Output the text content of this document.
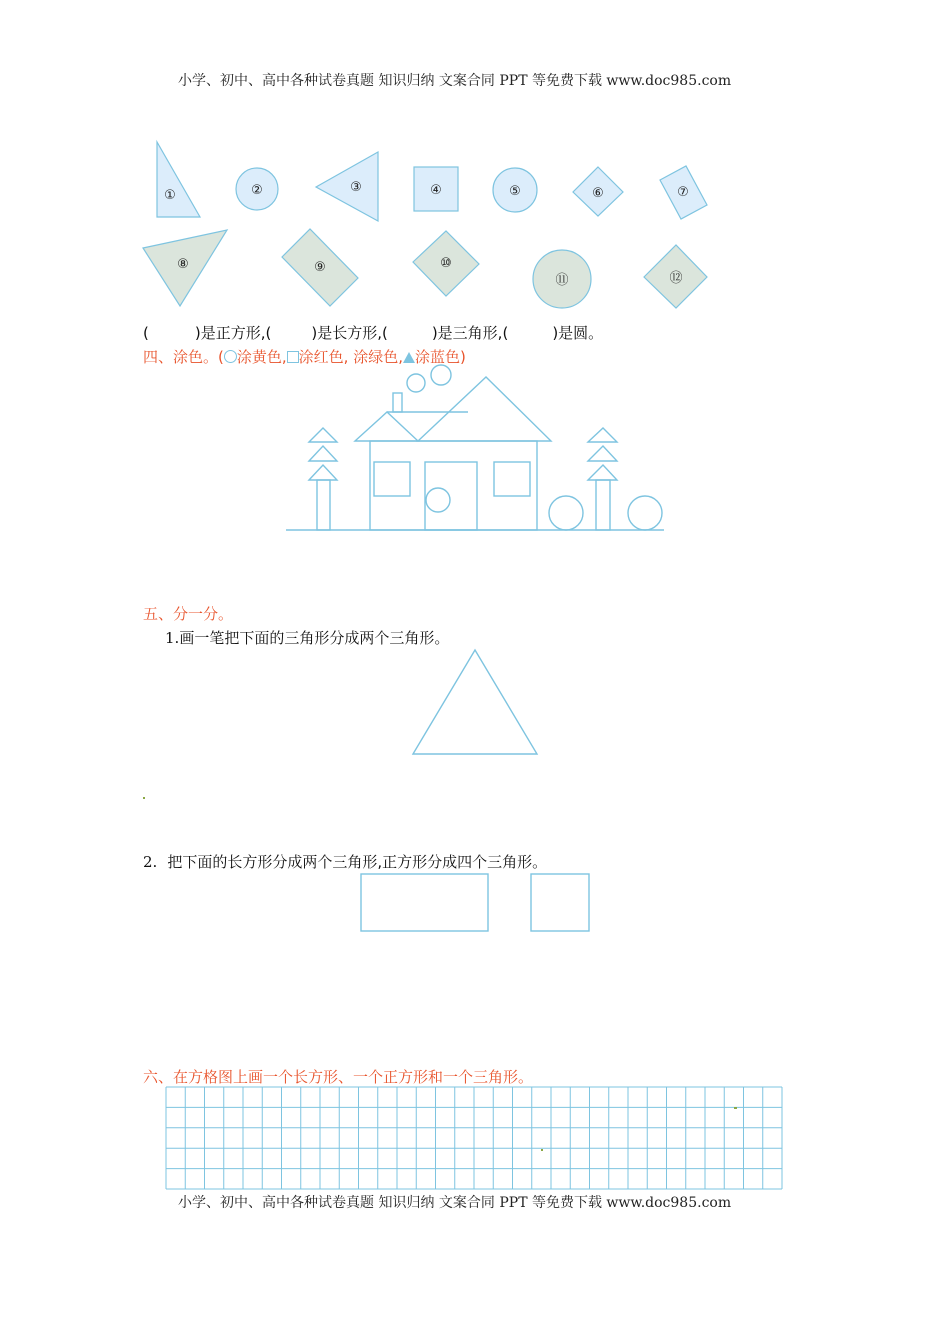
小学、初中、高中各种试卷真题 知识归纳 文案合同 PPT 等免费下载 www.doc985.com
①	②	③	④	⑤	⑥	⑦
⑧	⑨	⑩
⑪	⑫
(	)是正方形,(	)是长方形,(	)是三角形,(	)是圆。
四、涂色。( 涂黄色, 涂红色, 涂绿色, 涂蓝色)
五、分一分。
1.画一笔把下面的三角形分成两个三角形。
2. 把下面的长方形分成两个三角形,正方形分成四个三角形。
六、在方格图上画一个长方形、一个正方形和一个三角形。
小学、初中、高中各种试卷真题 知识归纳 文案合同 PPT 等免费下载 www.doc985.com
